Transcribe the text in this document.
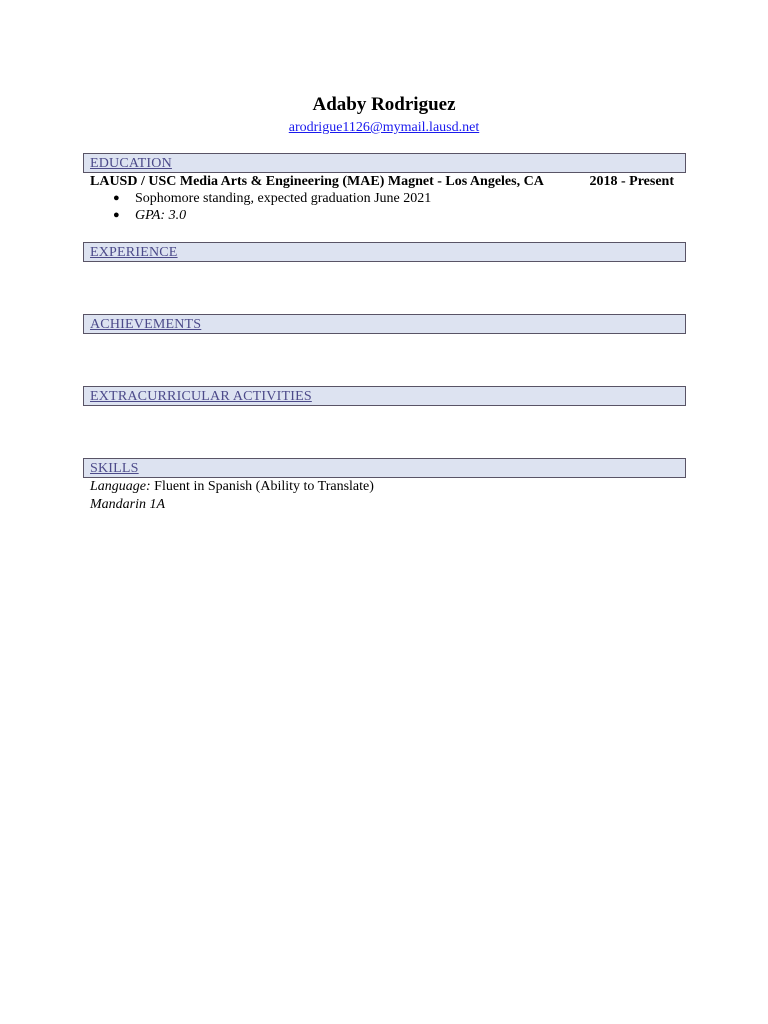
Adaby Rodriguez
arodrigue1126@mymail.lausd.net
EDUCATION
LAUSD / USC Media Arts & Engineering (MAE) Magnet - Los Angeles, CA	2018 - Present
● Sophomore standing, expected graduation June 2021
● GPA: 3.0
EXPERIENCE
ACHIEVEMENTS
EXTRACURRICULAR ACTIVITIES
SKILLS
Language: Fluent in Spanish (Ability to Translate)
Mandarin 1A
